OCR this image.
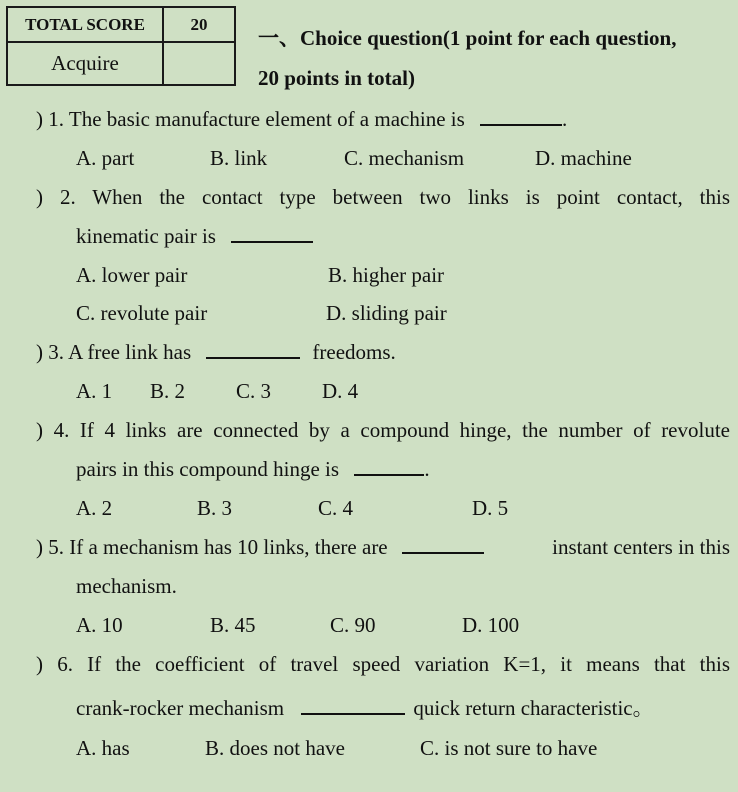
TOTAL SCORE	20
Acquire	
一、Choice question(1 point for each question,
20 points in total)
) 1. The basic manufacture element of a machine is	.
A. part	B. link	C. mechanism	D. machine
) 2. When the contact type between two links is point contact, this
kinematic pair is
A. lower pair	B. higher pair
C. revolute pair	D. sliding pair
) 3. A free link has	freedoms.
A. 1 B. 2 C. 3 D. 4
) 4. If 4 links are connected by a compound hinge, the number of revolute
pairs in this compound hinge is	.
A. 2	B. 3	C. 4	D. 5
) 5. If a mechanism has 10 links, there are	instant centers in this
mechanism.
A. 10	B. 45	C. 90	D. 100
) 6. If the coefficient of travel speed variation K=1, it means that this
crank-rocker mechanism	quick return characteristic。
A. has	B. does not have	C. is not sure to have
